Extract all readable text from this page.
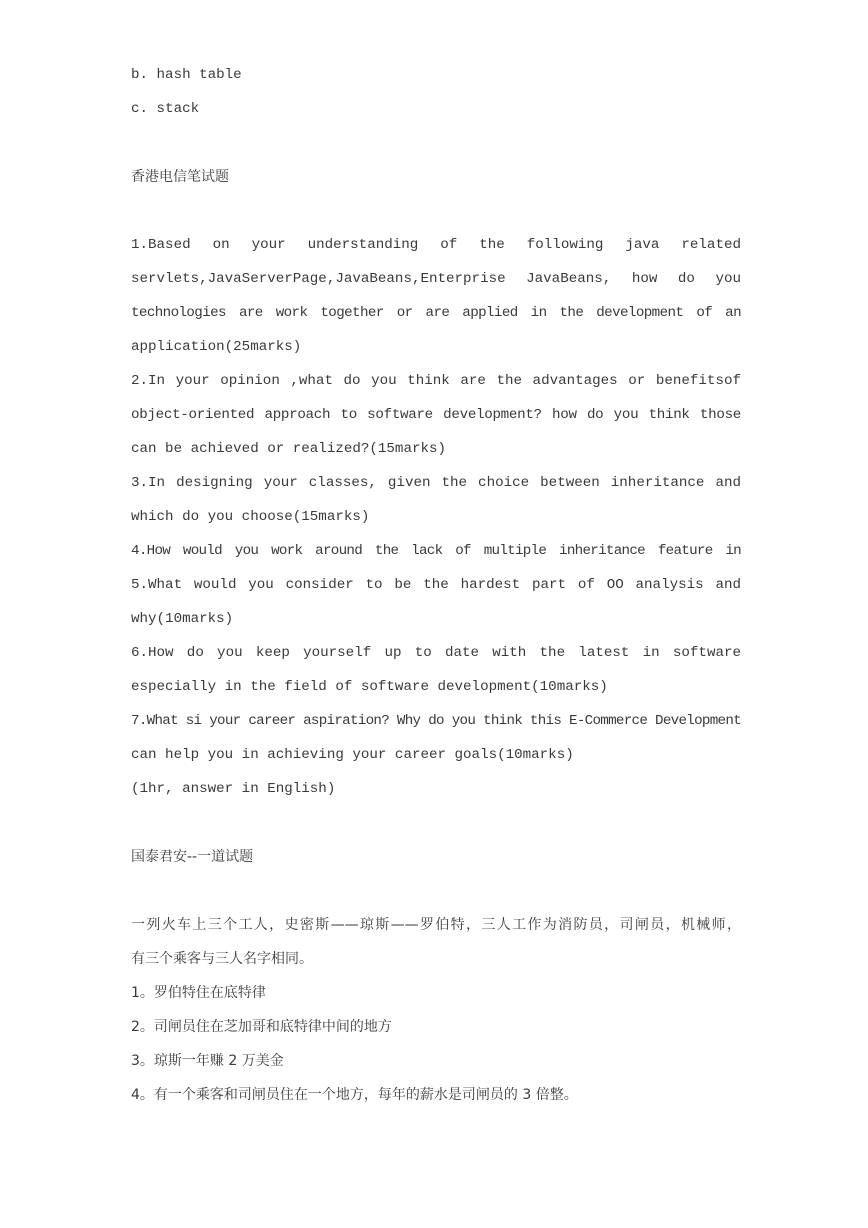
b. hash table
c. stack
香港电信笔试题
1.Based on your understanding of the following java related
servlets,JavaServerPage,JavaBeans,Enterprise JavaBeans, how do you
technologies are work together or are applied in the development of an
application(25marks)
2.In your opinion ,what do you think are the advantages or benefitsof
object-oriented approach to software development? how do you think those
can be achieved or realized?(15marks)
3.In designing your classes, given the choice between inheritance and
which do you choose(15marks)
4.How would you work around the lack of multiple inheritance feature in
5.What would you consider to be the hardest part of OO analysis and
why(10marks)
6.How do you keep yourself up to date with the latest in software
especially in the field of software development(10marks)
7.What si your career aspiration? Why do you think this E-Commerce Development
can help you in achieving your career goals(10marks)
(1hr, answer in English)
国泰君安--一道试题
一列火车上三个工人，史密斯——琼斯——罗伯特，三人工作为消防员，司闸员，机械师，
有三个乘客与三人名字相同。
1。罗伯特住在底特律
2。司闸员住在芝加哥和底特律中间的地方
3。琼斯一年赚 2 万美金
4。有一个乘客和司闸员住在一个地方，每年的薪水是司闸员的 3 倍整。
